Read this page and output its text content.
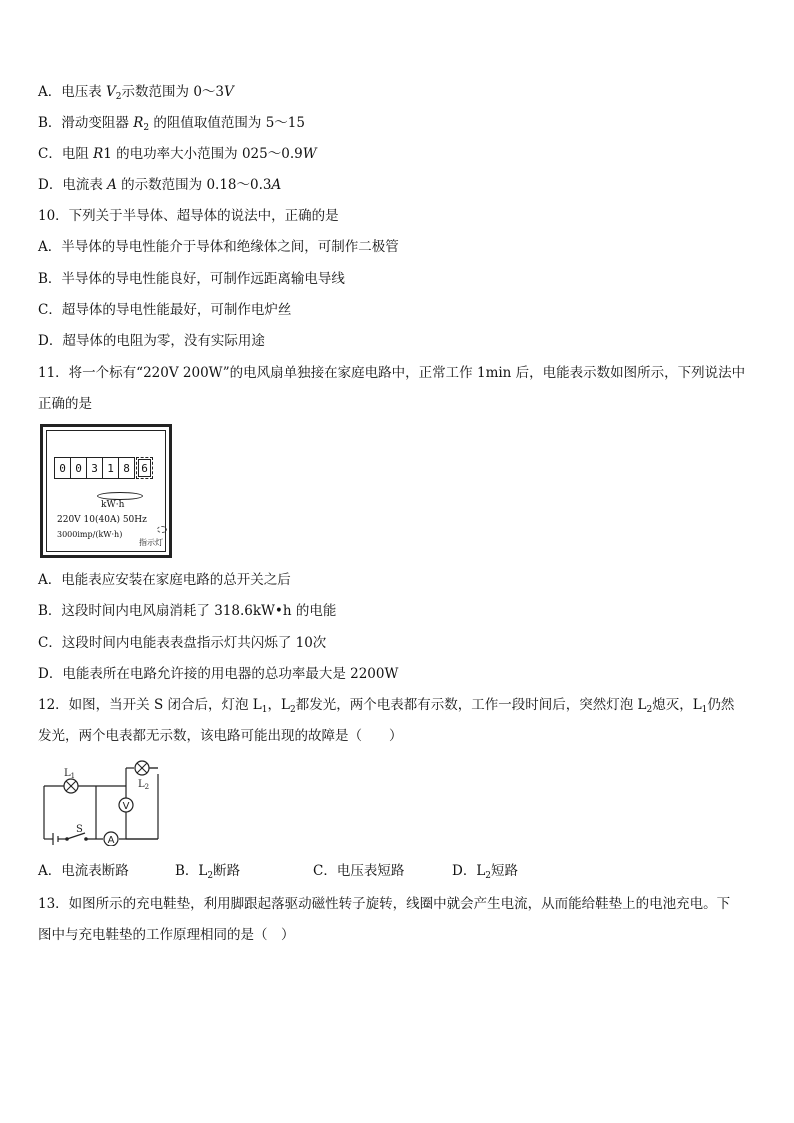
A．电压表 $V_2$示数范围为 0～3V
B．滑动变阻器 $R_2$ 的阻值取值范围为 5～15
C．电阻 R1 的电功率大小范围为 025～0.9W
D．电流表 A 的示数范围为 0.18～0.3A
10．下列关于半导体、超导体的说法中，正确的是
A．半导体的导电性能介于导体和绝缘体之间，可制作二极管
B．半导体的导电性能良好，可制作远距离输电导线
C．超导体的导电性能最好，可制作电炉丝
D．超导体的电阻为零，没有实际用途
11．将一个标有“220V 200W”的电风扇单独接在家庭电路中，正常工作 1min 后，电能表示数如图所示，下列说法中
正确的是
0 0 3 1 8	6
kW·h
220V 10(40A) 50Hz
3000imp/(kW·h)
指示灯
A．电能表应安装在家庭电路的总开关之后
B．这段时间内电风扇消耗了 318.6kW•h 的电能
C．这段时间内电能表表盘指示灯共闪烁了 10次
D．电能表所在电路允许接的用电器的总功率最大是 2200W
12．如图，当开关 S 闭合后，灯泡 $L_1$，$L_2$都发光，两个电表都有示数，工作一段时间后，突然灯泡 $L_2$熄灭，$L_1$仍然
发光，两个电表都无示数，该电路可能出现的故障是（　　）
V
A
$L_1$
$L_2$
S
A．电流表断路	B．$L_2$断路	C．电压表短路	D．$L_2$短路
13．如图所示的充电鞋垫，利用脚跟起落驱动磁性转子旋转，线圈中就会产生电流，从而能给鞋垫上的电池充电。下
图中与充电鞋垫的工作原理相同的是（　）
